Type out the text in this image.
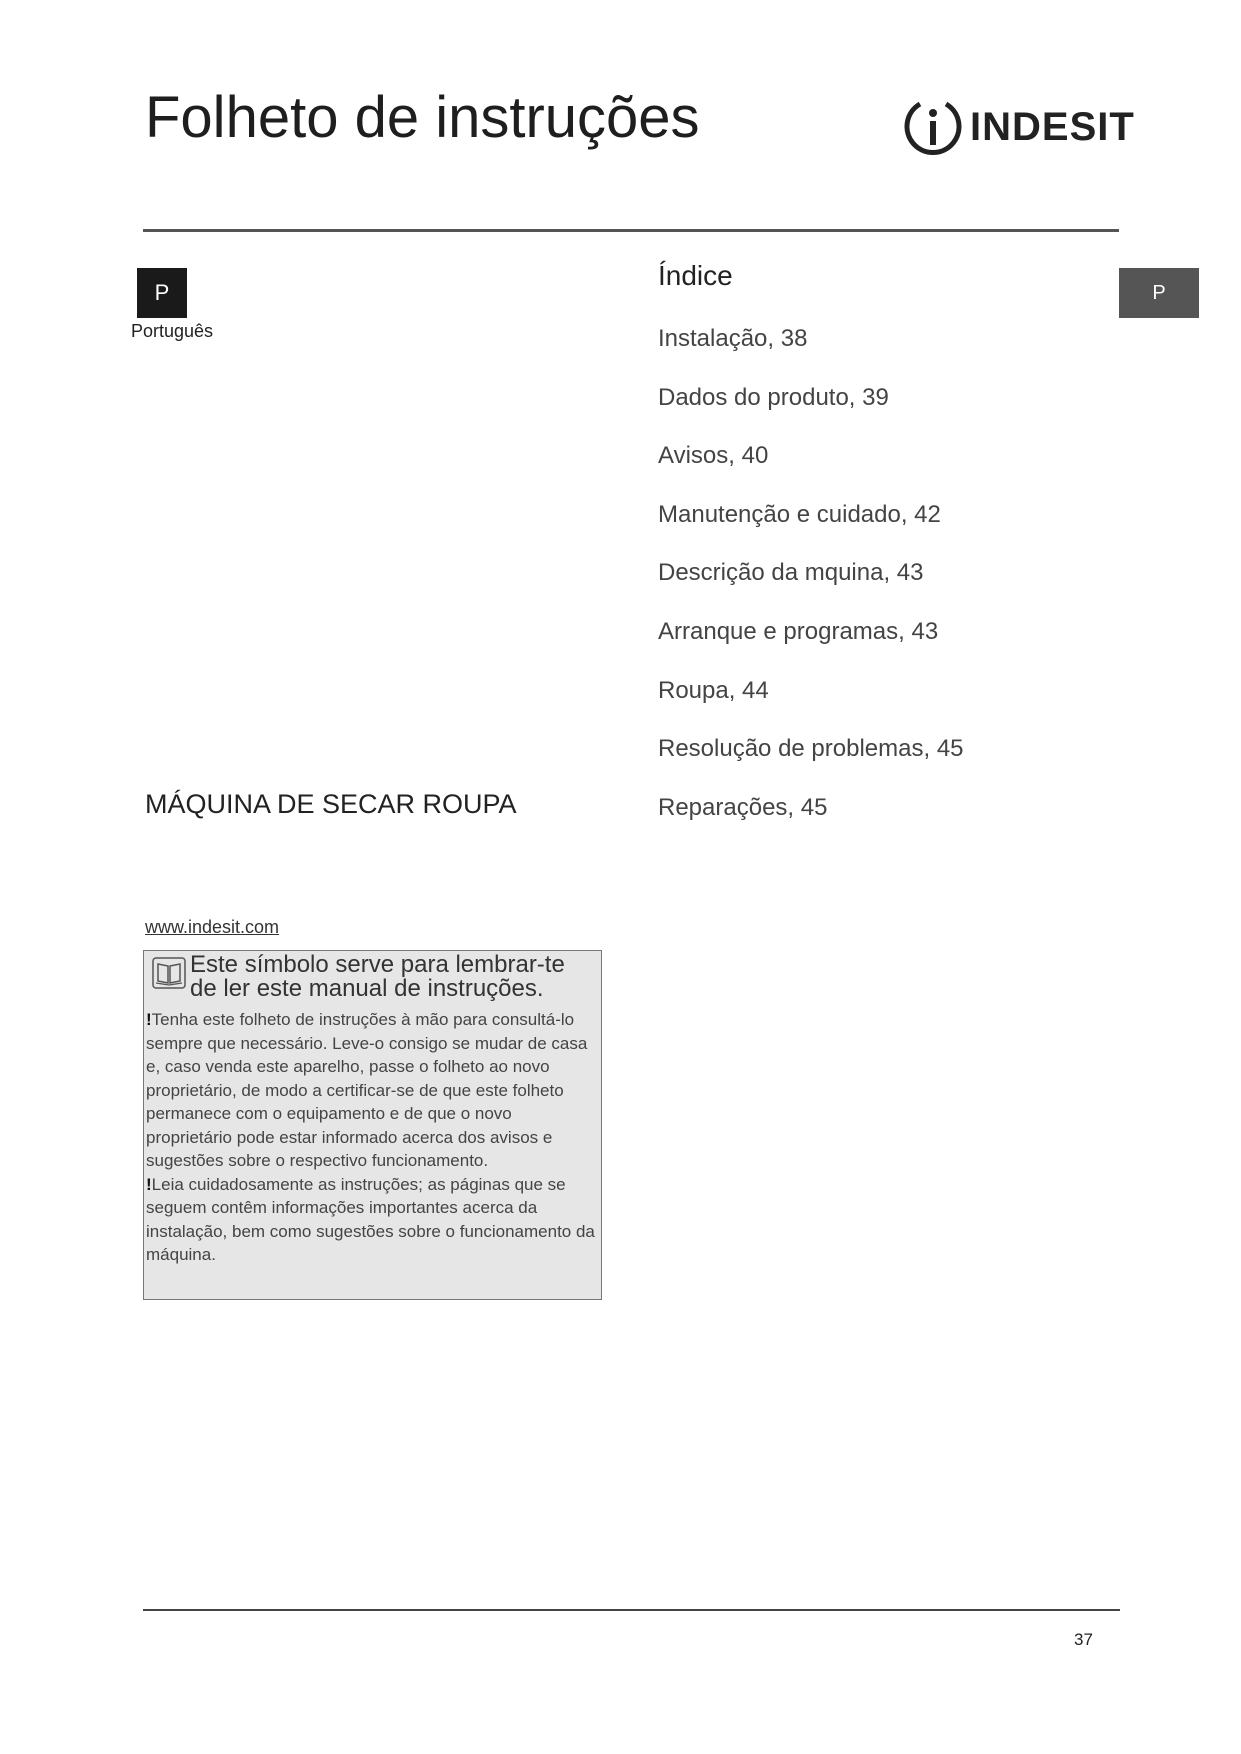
Folheto de instruções	INDESIT
P
Português
P
Índice
Instalação, 38
Dados do produto, 39
Avisos, 40
Manutenção e cuidado, 42
Descrição da mquina, 43
Arranque e programas, 43
Roupa, 44
Resolução de problemas, 45
Reparações, 45
MÁQUINA DE SECAR ROUPA
www.indesit.com
Este símbolo serve para lembrar-te de ler este manual de instruções.

!Tenha este folheto de instruções à mão para consultá-lo sempre que necessário. Leve-o consigo se mudar de casa e, caso venda este aparelho, passe o folheto ao novo proprietário, de modo a certificar-se de que este folheto permanece com o equipamento e de que o novo proprietário pode estar informado acerca dos avisos e sugestões sobre o respectivo funcionamento.

!Leia cuidadosamente as instruções; as páginas que se seguem contêm informações importantes acerca da instalação, bem como sugestões sobre o funcionamento da máquina.

37
